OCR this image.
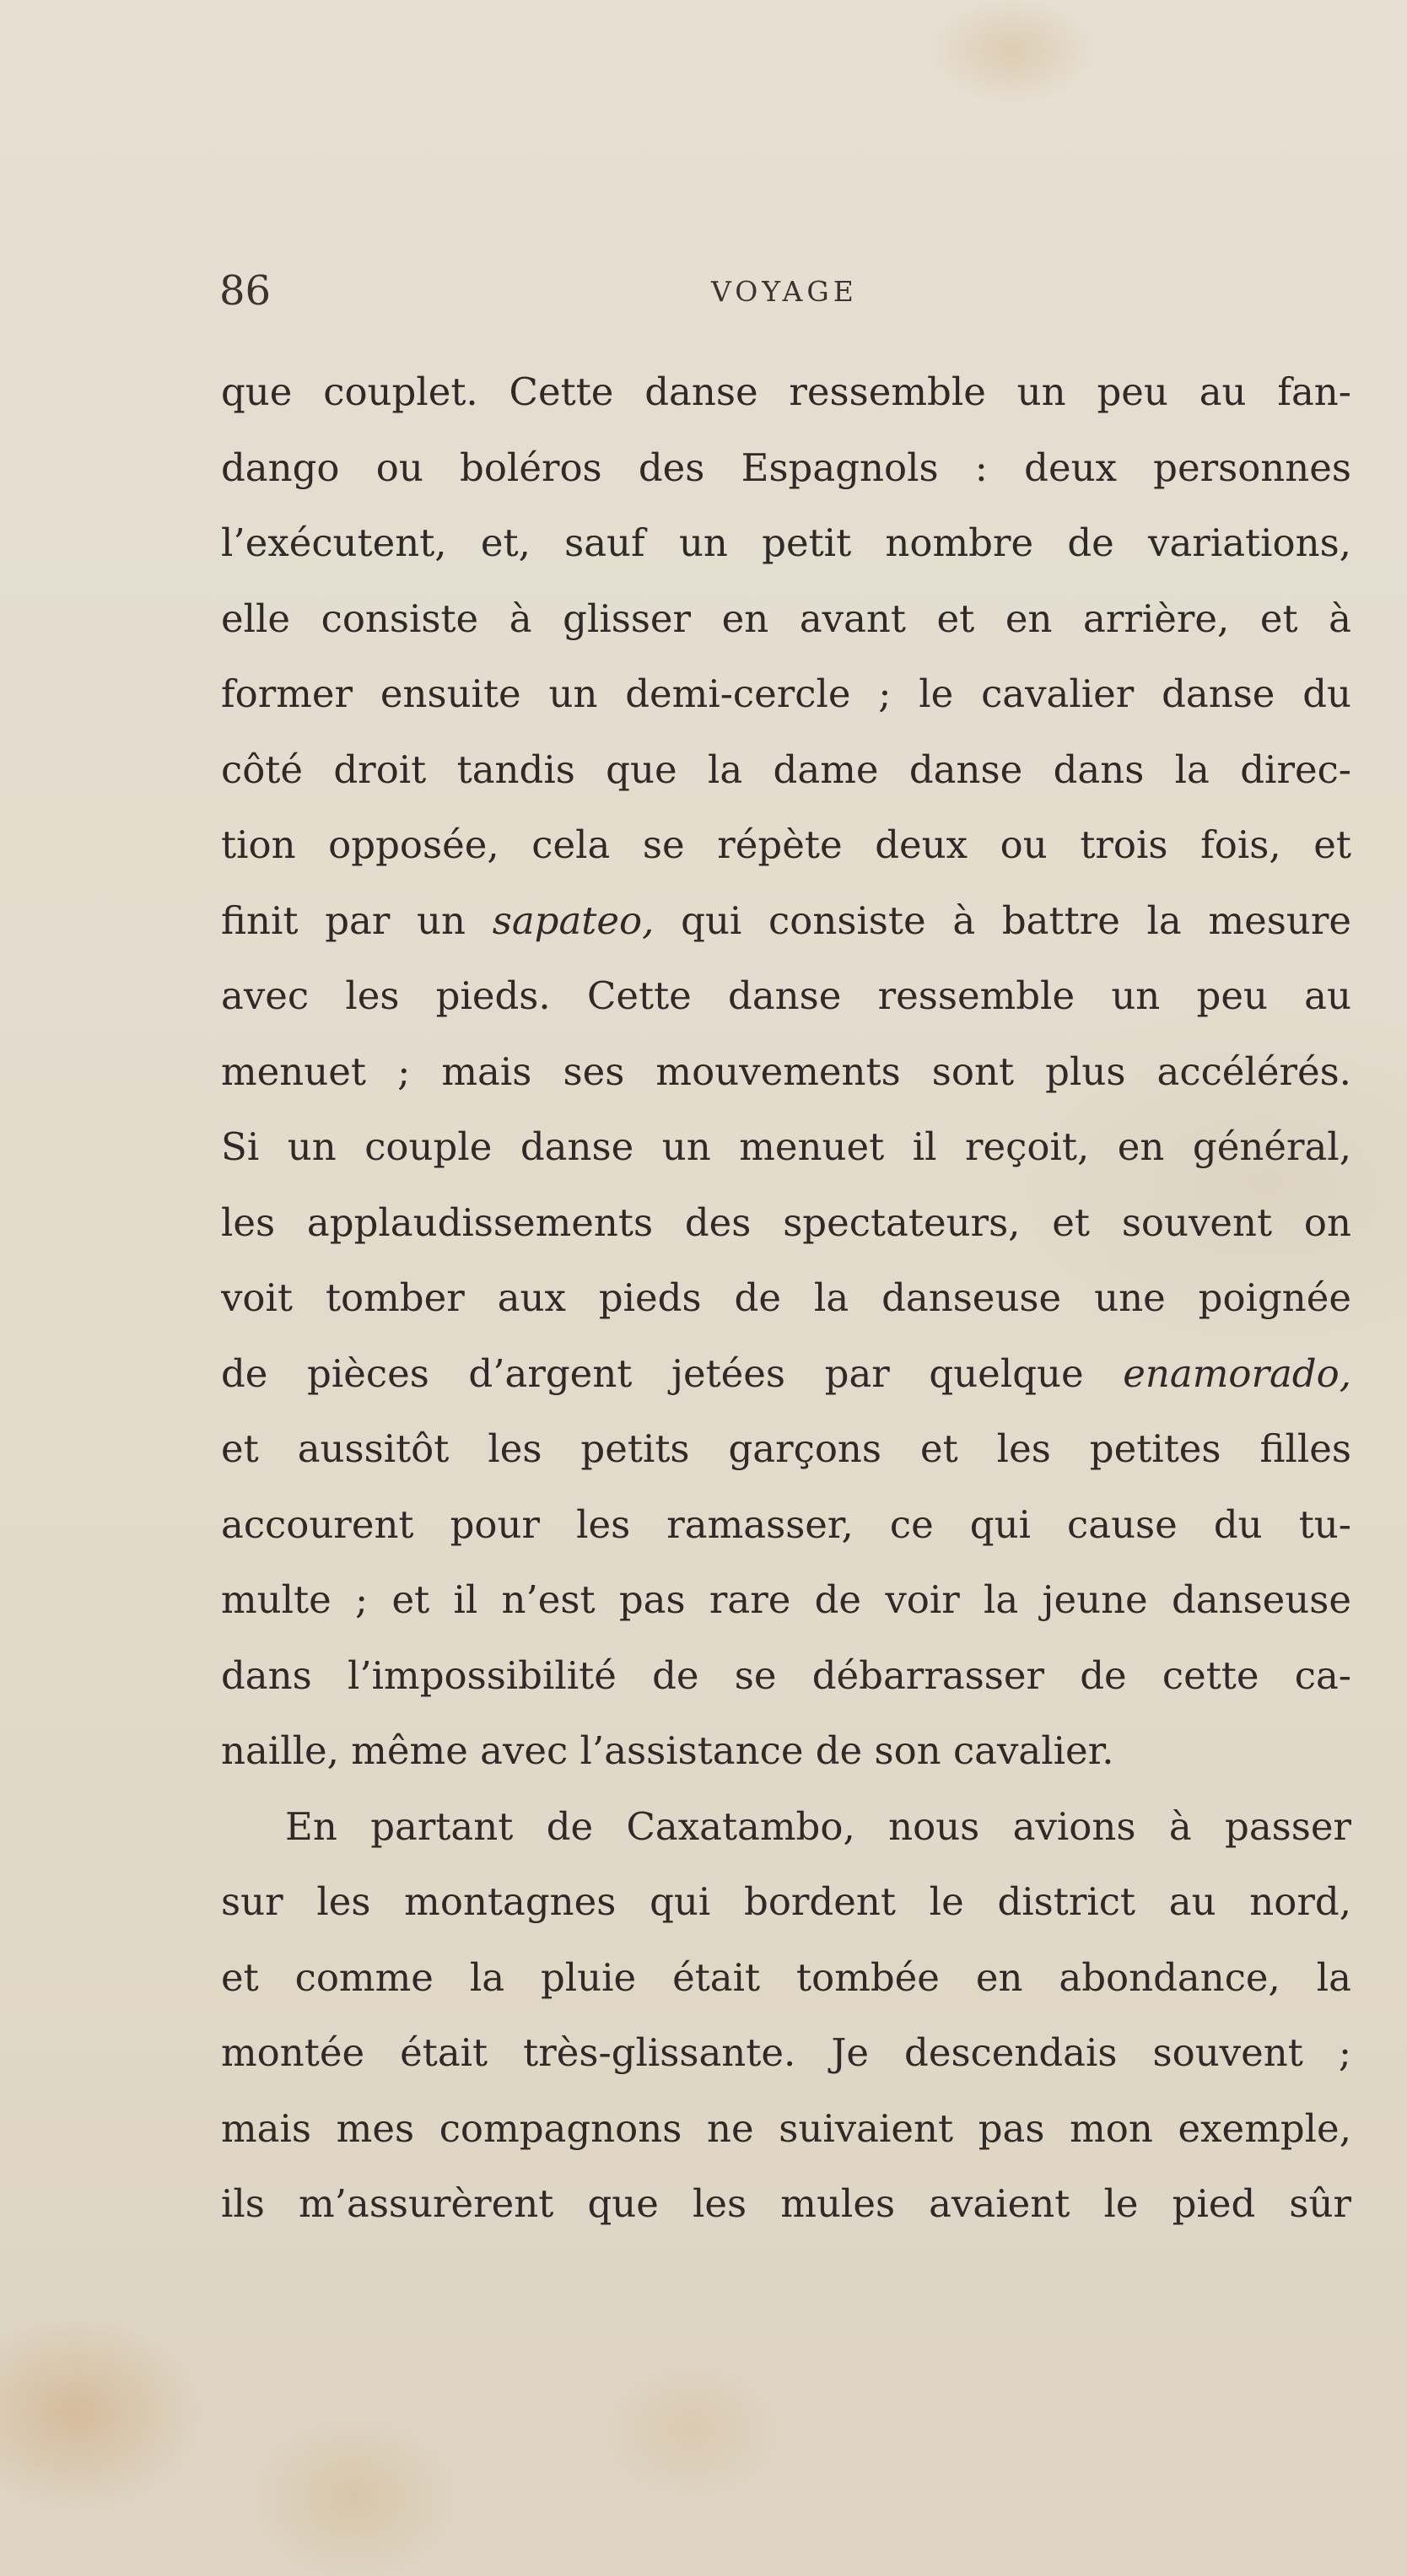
86	VOYAGE
que couplet. Cette danse ressemble un peu au fan-
dango ou boléros des Espagnols : deux personnes
l’exécutent, et, sauf un petit nombre de variations,
elle consiste à glisser en avant et en arrière, et à
former ensuite un demi-cercle ; le cavalier danse du
côté droit tandis que la dame danse dans la direc-
tion opposée, cela se répète deux ou trois fois, et
finit par un sapateo, qui consiste à battre la mesure
avec les pieds. Cette danse ressemble un peu au
menuet ; mais ses mouvements sont plus accélérés.
Si un couple danse un menuet il reçoit, en général,
les applaudissements des spectateurs, et souvent on
voit tomber aux pieds de la danseuse une poignée
de pièces d’argent jetées par quelque enamorado,
et aussitôt les petits garçons et les petites filles
accourent pour les ramasser, ce qui cause du tu-
multe ; et il n’est pas rare de voir la jeune danseuse
dans l’impossibilité de se débarrasser de cette ca-
naille, même avec l’assistance de son cavalier.
En partant de Caxatambo, nous avions à passer
sur les montagnes qui bordent le district au nord,
et comme la pluie était tombée en abondance, la
montée était très-glissante. Je descendais souvent ;
mais mes compagnons ne suivaient pas mon exemple,
ils m’assurèrent que les mules avaient le pied sûr
